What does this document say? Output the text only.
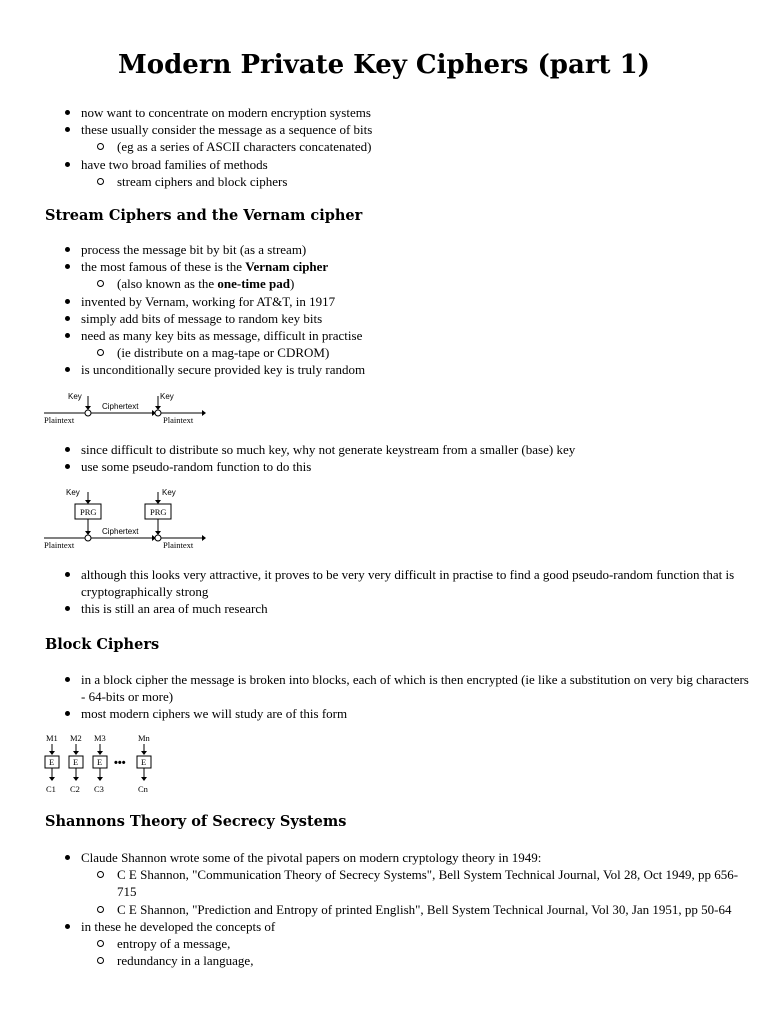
Modern Private Key Ciphers (part 1)
now want to concentrate on modern encryption systems
these usually consider the message as a sequence of bits
(eg as a series of ASCII characters concatenated)
have two broad families of methods
stream ciphers and block ciphers
Stream Ciphers and the Vernam cipher
process the message bit by bit (as a stream)
the most famous of these is the Vernam cipher
(also known as the one-time pad)
invented by Vernam, working for AT&T, in 1917
simply add bits of message to random key bits
need as many key bits as message, difficult in practise
(ie distribute on a mag-tape or CDROM)
is unconditionally secure provided key is truly random
Key	Key
Ciphertext
Plaintext	Plaintext
since difficult to distribute so much key, why not generate keystream from a smaller (base) key
use some pseudo-random function to do this
Key
PRG
Key
PRG
Ciphertext
Plaintext	Plaintext
although this looks very attractive, it proves to be very very difficult in practise to find a good pseudo-random function that is cryptographically strong
this is still an area of much research
Block Ciphers
in a block cipher the message is broken into blocks, each of which is then encrypted (ie like a substitution on very big characters - 64-bits or more)
most modern ciphers we will study are of this form
M1
E
C1
M2
E
C2
M3
E
C3
Mn
E
Cn
•••
Shannons Theory of Secrecy Systems
Claude Shannon wrote some of the pivotal papers on modern cryptology theory in 1949:
C E Shannon, "Communication Theory of Secrecy Systems", Bell System Technical Journal, Vol 28, Oct 1949, pp 656-715
C E Shannon, "Prediction and Entropy of printed English", Bell System Technical Journal, Vol 30, Jan 1951, pp 50-64
in these he developed the concepts of
entropy of a message,
redundancy in a language,
